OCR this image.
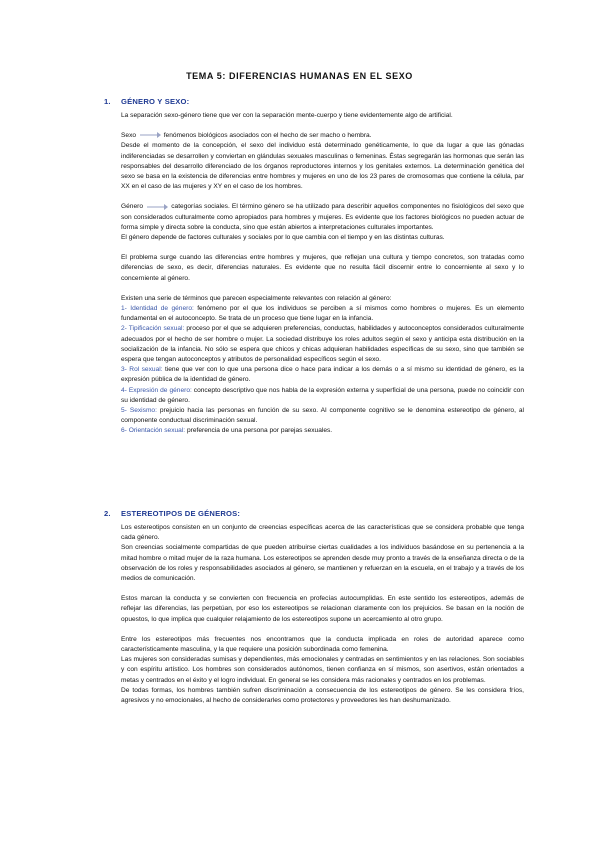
TEMA 5: DIFERENCIAS HUMANAS EN EL SEXO
1. GÉNERO Y SEXO:

La separación sexo-género tiene que ver con la separación mente-cuerpo y tiene evidentemente algo de artificial.

Sexo	fenómenos biológicos asociados con el hecho de ser macho o hembra.

Desde el momento de la concepción, el sexo del individuo está determinado genéticamente, lo que da lugar a que las gónadas indiferenciadas se desarrollen y conviertan en glándulas sexuales masculinas o femeninas. Éstas segregarán las hormonas que serán las responsables del desarrollo diferenciado de los órganos reproductores internos y los genitales externos. La determinación genética del sexo se basa en la existencia de diferencias entre hombres y mujeres en uno de los 23 pares de cromosomas que contiene la célula, par XX en el caso de las mujeres y XY en el caso de los hombres.

Género	categorías sociales. El término género se ha utilizado para describir aquellos componentes no fisiológicos del sexo que son considerados culturalmente como apropiados para hombres y mujeres. Es evidente que los factores biológicos no pueden actuar de forma simple y directa sobre la conducta, sino que están abiertos a interpretaciones culturales importantes.

El género depende de factores culturales y sociales por lo que cambia con el tiempo y en las distintas culturas.

El problema surge cuando las diferencias entre hombres y mujeres, que reflejan una cultura y tiempo concretos, son tratadas como diferencias de sexo, es decir, diferencias naturales. Es evidente que no resulta fácil discernir entre lo concerniente al sexo y lo concerniente al género.

Existen una serie de términos que parecen especialmente relevantes con relación al género:

1- Identidad de género: fenómeno por el que los individuos se perciben a sí mismos como hombres o mujeres. Es un elemento fundamental en el autoconcepto. Se trata de un proceso que tiene lugar en la infancia.

2- Tipificación sexual: proceso por el que se adquieren preferencias, conductas, habilidades y autoconceptos considerados culturalmente adecuados por el hecho de ser hombre o mujer. La sociedad distribuye los roles adultos según el sexo y anticipa esta distribución en la socialización de la infancia. No sólo se espera que chicos y chicas adquieran habilidades específicas de su sexo, sino que también se espera que tengan autoconceptos y atributos de personalidad específicos según el sexo.

3- Rol sexual: tiene que ver con lo que una persona dice o hace para indicar a los demás o a sí mismo su identidad de género, es la expresión pública de la identidad de género.

4- Expresión de género: concepto descriptivo que nos habla de la expresión externa y superficial de una persona, puede no coincidir con su identidad de género.

5- Sexismo: prejuicio hacia las personas en función de su sexo. Al componente cognitivo se le denomina estereotipo de género, al componente conductual discriminación sexual.

6- Orientación sexual: preferencia de una persona por parejas sexuales.

2. ESTEREOTIPOS DE GÉNEROS:

Los estereotipos consisten en un conjunto de creencias específicas acerca de las características que se considera probable que tenga cada género.

Son creencias socialmente compartidas de que pueden atribuirse ciertas cualidades a los individuos basándose en su pertenencia a la mitad hombre o mitad mujer de la raza humana. Los estereotipos se aprenden desde muy pronto a través de la enseñanza directa o de la observación de los roles y responsabilidades asociados al género, se mantienen y refuerzan en la escuela, en el trabajo y a través de los medios de comunicación.

Estos marcan la conducta y se convierten con frecuencia en profecías autocumplidas. En este sentido los estereotipos, además de reflejar las diferencias, las perpetúan, por eso los estereotipos se relacionan claramente con los prejuicios. Se basan en la noción de opuestos, lo que implica que cualquier relajamiento de los estereotipos supone un acercamiento al otro grupo.

Entre los estereotipos más frecuentes nos encontramos que la conducta implicada en roles de autoridad aparece como característicamente masculina, y la que requiere una posición subordinada como femenina.

Las mujeres son consideradas sumisas y dependientes, más emocionales y centradas en sentimientos y en las relaciones. Son sociables y con espíritu artístico. Los hombres son considerados autónomos, tienen confianza en sí mismos, son asertivos, están orientados a metas y centrados en el éxito y el logro individual. En general se les considera más racionales y centrados en los problemas.

De todas formas, los hombres también sufren discriminación a consecuencia de los estereotipos de género. Se les considera fríos, agresivos y no emocionales, al hecho de considerarles como protectores y proveedores les han deshumanizado.
